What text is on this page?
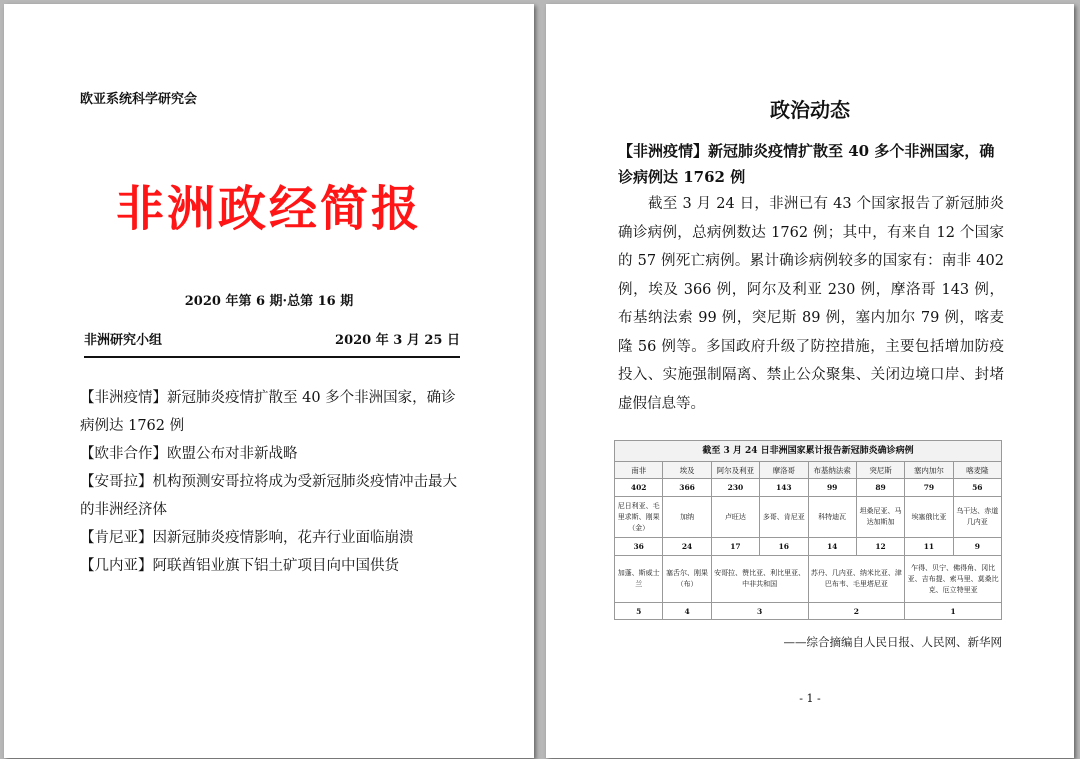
欧亚系统科学研究会
非洲政经简报
2020 年第 6 期·总第 16 期
非洲研究小组	2020 年 3 月 25 日
【非洲疫情】新冠肺炎疫情扩散至 40 多个非洲国家，确诊病例达 1762 例
【欧非合作】欧盟公布对非新战略
【安哥拉】机构预测安哥拉将成为受新冠肺炎疫情冲击最大的非洲经济体
【肯尼亚】因新冠肺炎疫情影响，花卉行业面临崩溃
【几内亚】阿联酋铝业旗下铝土矿项目向中国供货
政治动态
【非洲疫情】新冠肺炎疫情扩散至 40 多个非洲国家，确诊病例达 1762 例
截至 3 月 24 日，非洲已有 43 个国家报告了新冠肺炎确诊病例，总病例数达 1762 例；其中，有来自 12 个国家的 57 例死亡病例。累计确诊病例较多的国家有：南非 402 例，埃及 366 例，阿尔及利亚 230 例，摩洛哥 143 例，布基纳法索 99 例，突尼斯 89 例，塞内加尔 79 例，喀麦隆 56 例等。多国政府升级了防控措施，主要包括增加防疫投入、实施强制隔离、禁止公众聚集、关闭边境口岸、封堵虚假信息等。
截至 3 月 24 日非洲国家累计报告新冠肺炎确诊病例							
南非	埃及	阿尔及利亚	摩洛哥	布基纳法索	突尼斯	塞内加尔	喀麦隆
402	366	230	143	99	89	79	56
尼日利亚、毛里求斯、刚果（金）	加纳	卢旺达	多哥、肯尼亚	科特迪瓦	坦桑尼亚、马达加斯加	埃塞俄比亚	乌干达、赤道几内亚
36	24	17	16	14	12	11	9
加蓬、斯威士兰	塞舌尔、刚果（布）	安哥拉、赞比亚、利比里亚、中非共和国		苏丹、几内亚、纳米比亚、津巴布韦、毛里塔尼亚		乍得、贝宁、佛得角、冈比亚、吉布提、索马里、莫桑比克、厄立特里亚	
5	4	3		2		1	
——综合摘编自人民日报、人民网、新华网
- 1 -
